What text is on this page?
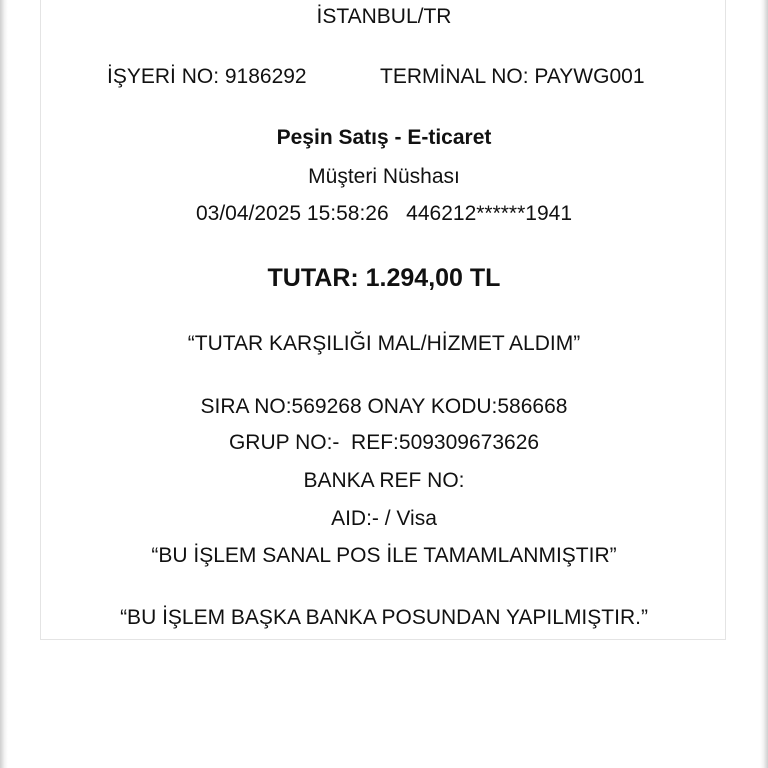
İSTANBUL/TR
İŞYERİ NO: 9186292	TERMİNAL NO: PAYWG001
Peşin Satış - E-ticaret
Müşteri Nüshası
03/04/2025 15:58:26   446212******1941
TUTAR: 1.294,00 TL
“TUTAR KARŞILIĞI MAL/HİZMET ALDIM”
SIRA NO:569268 ONAY KODU:586668
GRUP NO:-  REF:509309673626
BANKA REF NO:
AID:- / Visa
“BU İŞLEM SANAL POS İLE TAMAMLANMIŞTIR”
“BU İŞLEM BAŞKA BANKA POSUNDAN YAPILMIŞTIR.”
